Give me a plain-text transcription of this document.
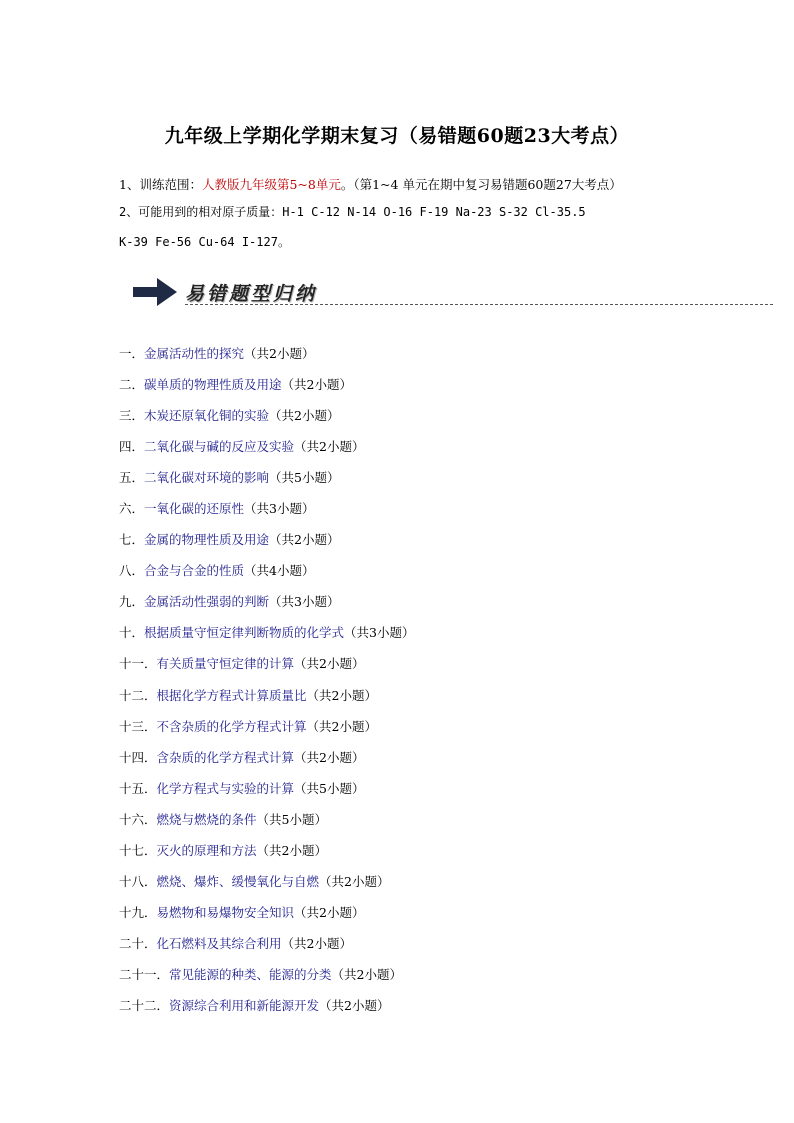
九年级上学期化学期末复习（易错题60题23大考点）
1、训练范围：人教版九年级第5~8单元。（第1~4 单元在期中复习易错题60题27大考点）
2、可能用到的相对原子质量：H-1 C-12 N-14 O-16 F-19 Na-23 S-32 Cl-35.5
K-39 Fe-56 Cu-64 I-127。
易错题型归纳
一．金属活动性的探究（共2小题）
二．碳单质的物理性质及用途（共2小题）
三．木炭还原氧化铜的实验（共2小题）
四．二氧化碳与碱的反应及实验（共2小题）
五．二氧化碳对环境的影响（共5小题）
六．一氧化碳的还原性（共3小题）
七．金属的物理性质及用途（共2小题）
八．合金与合金的性质（共4小题）
九．金属活动性强弱的判断（共3小题）
十．根据质量守恒定律判断物质的化学式（共3小题）
十一．有关质量守恒定律的计算（共2小题）
十二．根据化学方程式计算质量比（共2小题）
十三．不含杂质的化学方程式计算（共2小题）
十四．含杂质的化学方程式计算（共2小题）
十五．化学方程式与实验的计算（共5小题）
十六．燃烧与燃烧的条件（共5小题）
十七．灭火的原理和方法（共2小题）
十八．燃烧、爆炸、缓慢氧化与自燃（共2小题）
十九．易燃物和易爆物安全知识（共2小题）
二十．化石燃料及其综合利用（共2小题）
二十一．常见能源的种类、能源的分类（共2小题）
二十二．资源综合利用和新能源开发（共2小题）
